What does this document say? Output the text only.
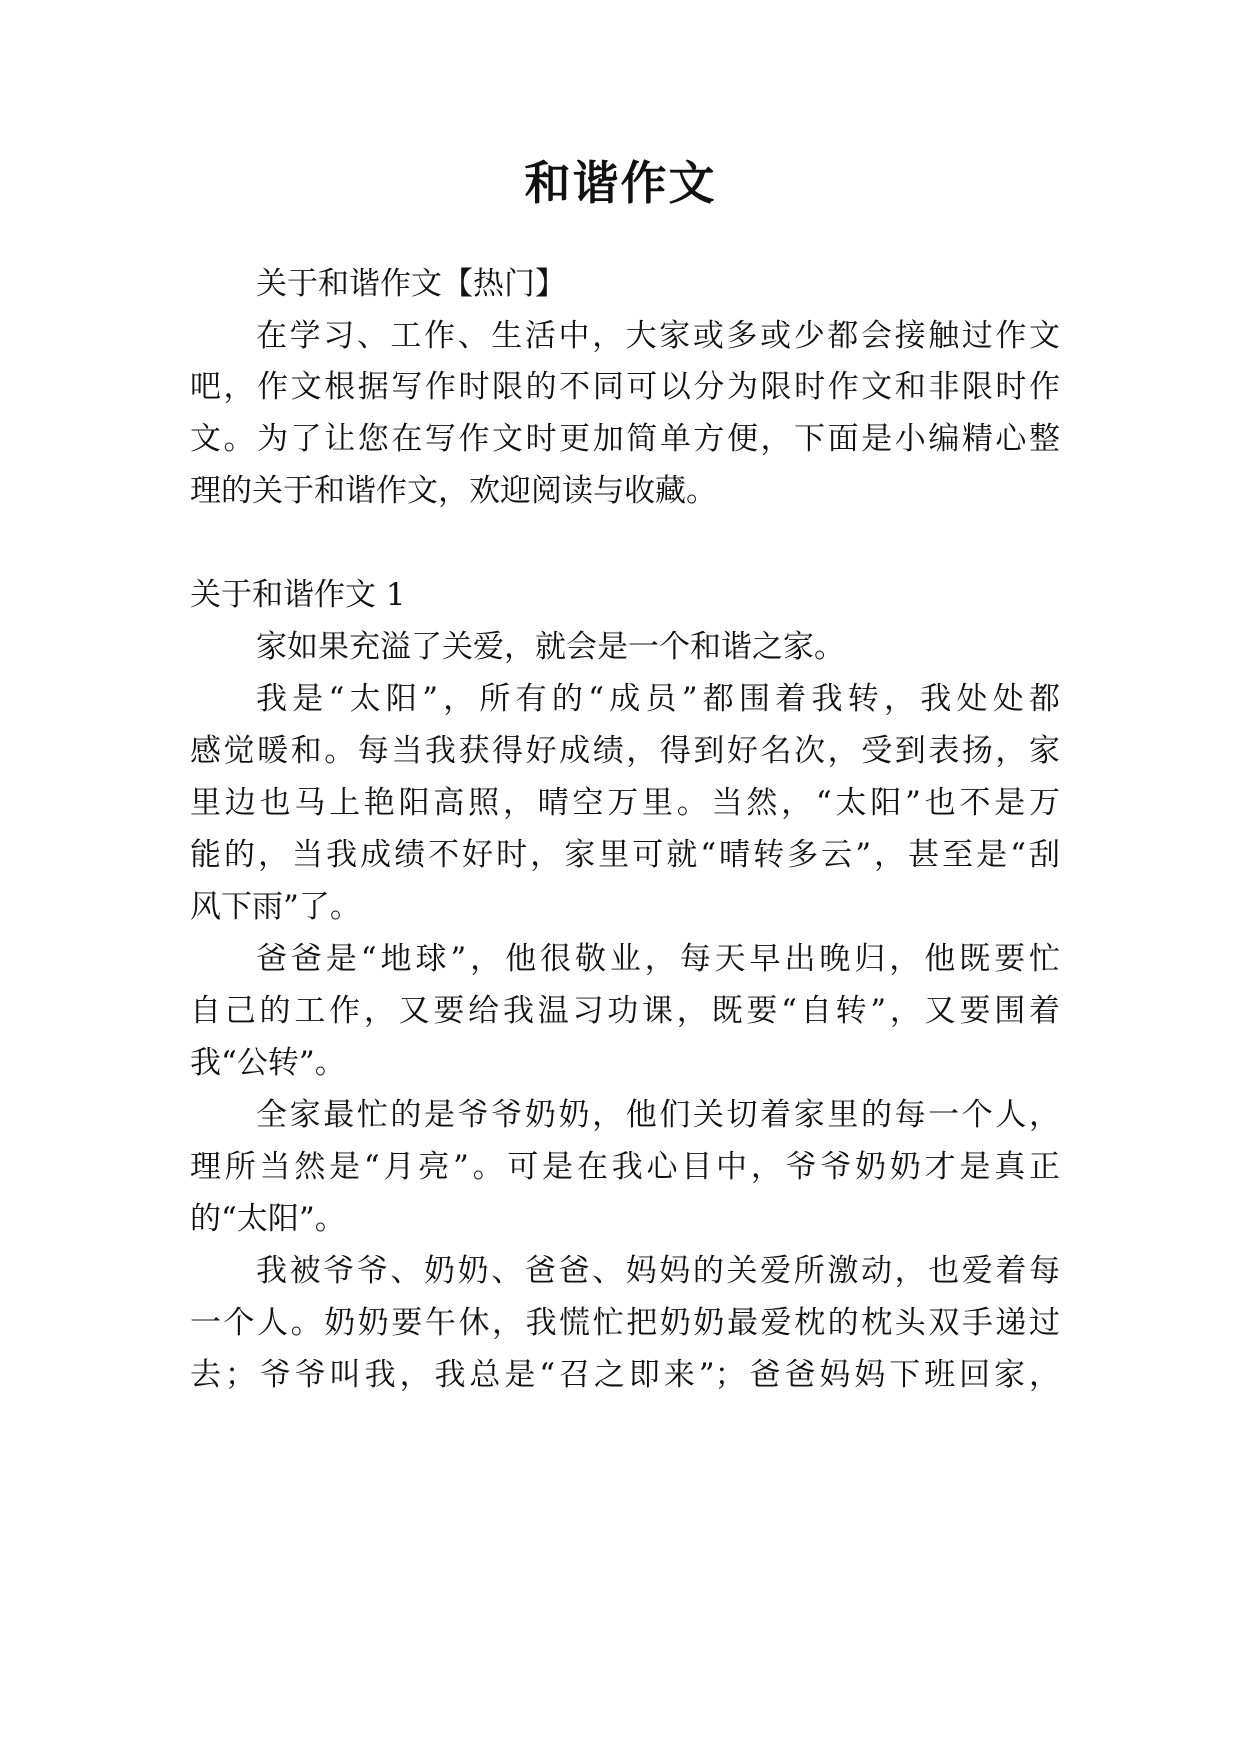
和谐作文
关于和谐作文【热门】
在学习、工作、生活中，大家或多或少都会接触过作文
吧，作文根据写作时限的不同可以分为限时作文和非限时作
文。为了让您在写作文时更加简单方便，下面是小编精心整
理的关于和谐作文，欢迎阅读与收藏。
关于和谐作文 1
家如果充溢了关爱，就会是一个和谐之家。
我是“太阳”，所有的“成员”都围着我转，我处处都
感觉暖和。每当我获得好成绩，得到好名次，受到表扬，家
里边也马上艳阳高照，晴空万里。当然，“太阳”也不是万
能的，当我成绩不好时，家里可就“晴转多云”，甚至是“刮
风下雨”了。
爸爸是“地球”，他很敬业，每天早出晚归，他既要忙
自己的工作，又要给我温习功课，既要“自转”，又要围着
我“公转”。
全家最忙的是爷爷奶奶，他们关切着家里的每一个人，
理所当然是“月亮”。可是在我心目中，爷爷奶奶才是真正
的“太阳”。
我被爷爷、奶奶、爸爸、妈妈的关爱所激动，也爱着每
一个人。奶奶要午休，我慌忙把奶奶最爱枕的枕头双手递过
去；爷爷叫我，我总是“召之即来”；爸爸妈妈下班回家，
